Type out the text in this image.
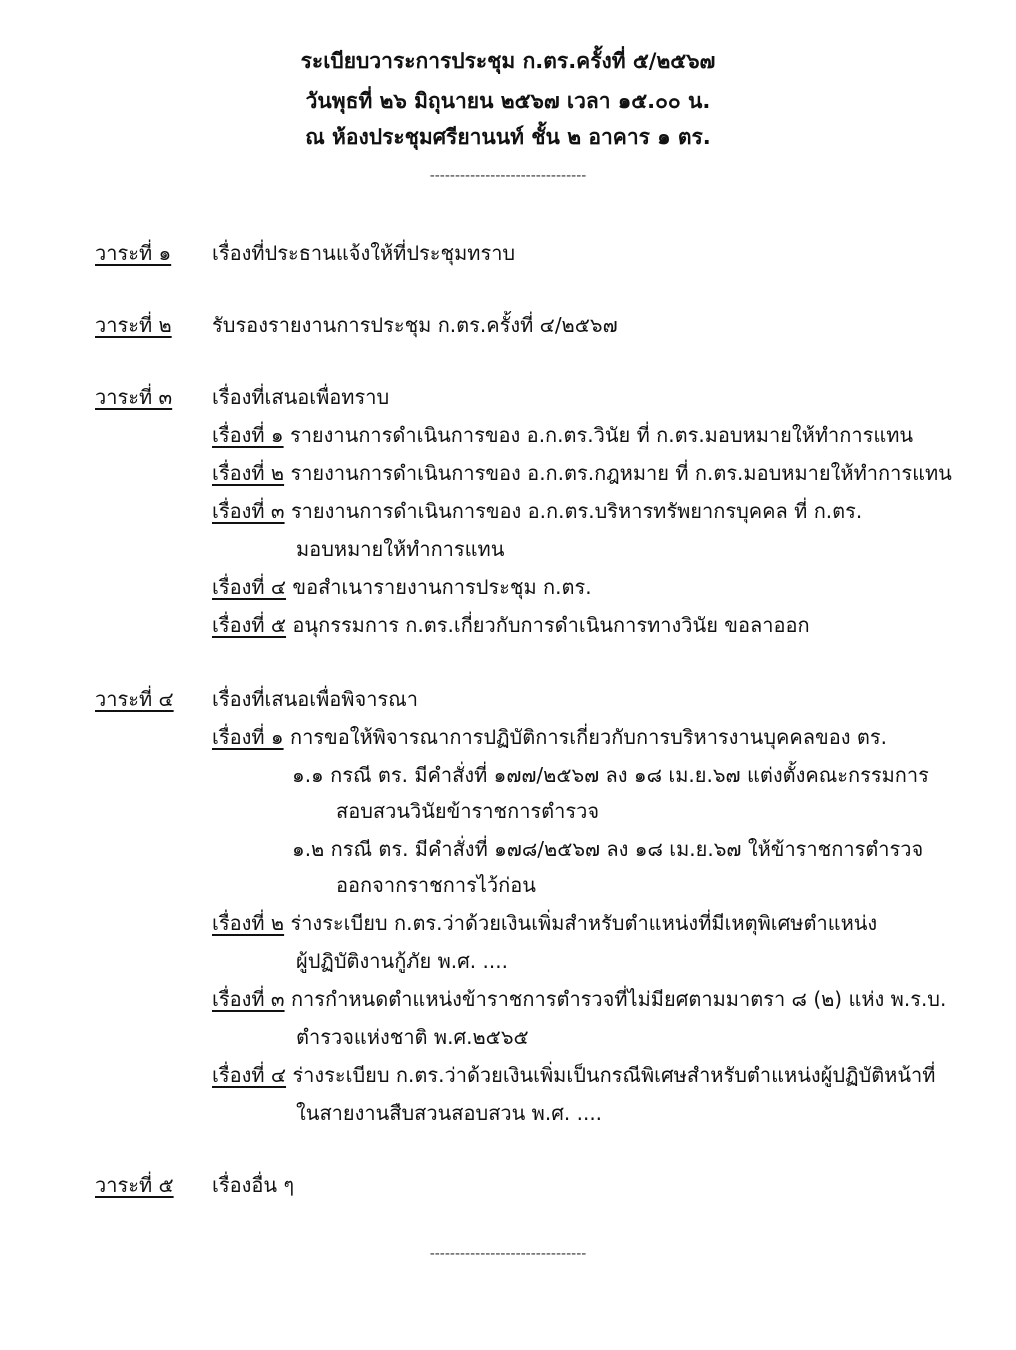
ระเบียบวาระการประชุม ก.ตร.ครั้งที่ ๕/๒๕๖๗
วันพุธที่ ๒๖ มิถุนายน ๒๕๖๗ เวลา ๑๕.๐๐ น.
ณ ห้องประชุมศรียานนท์ ชั้น ๒ อาคาร ๑ ตร.
-------------------------------
วาระที่ ๑ เรื่องที่ประธานแจ้งให้ที่ประชุมทราบ
วาระที่ ๒ รับรองรายงานการประชุม ก.ตร.ครั้งที่ ๔/๒๕๖๗
วาระที่ ๓ เรื่องที่เสนอเพื่อทราบ
เรื่องที่ ๑ รายงานการดำเนินการของ อ.ก.ตร.วินัย ที่ ก.ตร.มอบหมายให้ทำการแทน
เรื่องที่ ๒ รายงานการดำเนินการของ อ.ก.ตร.กฎหมาย ที่ ก.ตร.มอบหมายให้ทำการแทน
เรื่องที่ ๓ รายงานการดำเนินการของ อ.ก.ตร.บริหารทรัพยากรบุคคล ที่ ก.ตร.
มอบหมายให้ทำการแทน
เรื่องที่ ๔ ขอสำเนารายงานการประชุม ก.ตร.
เรื่องที่ ๕ อนุกรรมการ ก.ตร.เกี่ยวกับการดำเนินการทางวินัย ขอลาออก
วาระที่ ๔ เรื่องที่เสนอเพื่อพิจารณา
เรื่องที่ ๑ การขอให้พิจารณาการปฏิบัติการเกี่ยวกับการบริหารงานบุคคลของ ตร.
๑.๑ กรณี ตร. มีคำสั่งที่ ๑๗๗/๒๕๖๗ ลง ๑๘ เม.ย.๖๗ แต่งตั้งคณะกรรมการ
สอบสวนวินัยข้าราชการตำรวจ
๑.๒ กรณี ตร. มีคำสั่งที่ ๑๗๘/๒๕๖๗ ลง ๑๘ เม.ย.๖๗ ให้ข้าราชการตำรวจ
ออกจากราชการไว้ก่อน
เรื่องที่ ๒ ร่างระเบียบ ก.ตร.ว่าด้วยเงินเพิ่มสำหรับตำแหน่งที่มีเหตุพิเศษตำแหน่ง
ผู้ปฏิบัติงานกู้ภัย พ.ศ. ....
เรื่องที่ ๓ การกำหนดตำแหน่งข้าราชการตำรวจที่ไม่มียศตามมาตรา ๘ (๒) แห่ง พ.ร.บ.
ตำรวจแห่งชาติ พ.ศ.๒๕๖๕
เรื่องที่ ๔ ร่างระเบียบ ก.ตร.ว่าด้วยเงินเพิ่มเป็นกรณีพิเศษสำหรับตำแหน่งผู้ปฏิบัติหน้าที่
ในสายงานสืบสวนสอบสวน พ.ศ. ....
วาระที่ ๕ เรื่องอื่น ๆ
-------------------------------
